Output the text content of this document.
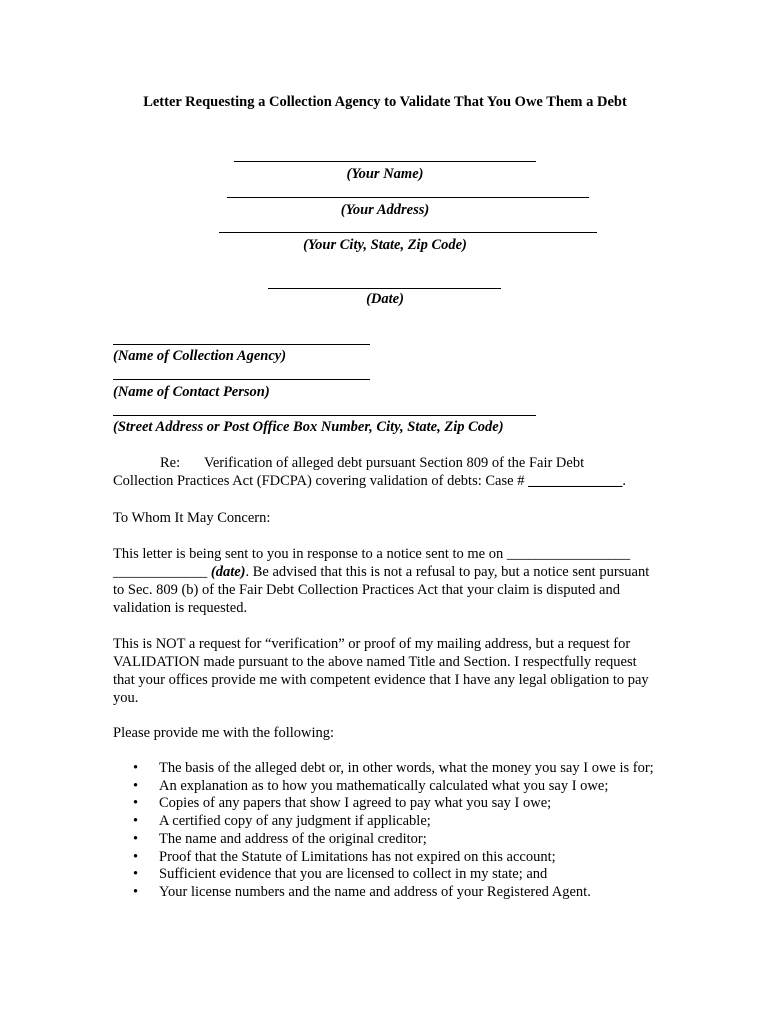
Letter Requesting a Collection Agency to Validate That You Owe Them a Debt
(Your Name)
(Your Address)
(Your City, State, Zip Code)
(Date)
(Name of Collection Agency)
(Name of Contact Person)
(Street Address or Post Office Box Number, City, State, Zip Code)
Re: Verification of alleged debt pursuant Section 809 of the Fair Debt
Collection Practices Act (FDCPA) covering validation of debts: Case # _____________.
To Whom It May Concern:
This letter is being sent to you in response to a notice sent to me on _________________ _____________ (date). Be advised that this is not a refusal to pay, but a notice sent pursuant to Sec. 809 (b) of the Fair Debt Collection Practices Act that your claim is disputed and validation is requested.
This is NOT a request for “verification” or proof of my mailing address, but a request for VALIDATION made pursuant to the above named Title and Section. I respectfully request that your offices provide me with competent evidence that I have any legal obligation to pay you.
Please provide me with the following:
• The basis of the alleged debt or, in other words, what the money you say I owe is for;
• An explanation as to how you mathematically calculated what you say I owe;
• Copies of any papers that show I agreed to pay what you say I owe;
• A certified copy of any judgment if applicable;
• The name and address of the original creditor;
• Proof that the Statute of Limitations has not expired on this account;
• Sufficient evidence that you are licensed to collect in my state; and
• Your license numbers and the name and address of your Registered Agent.
